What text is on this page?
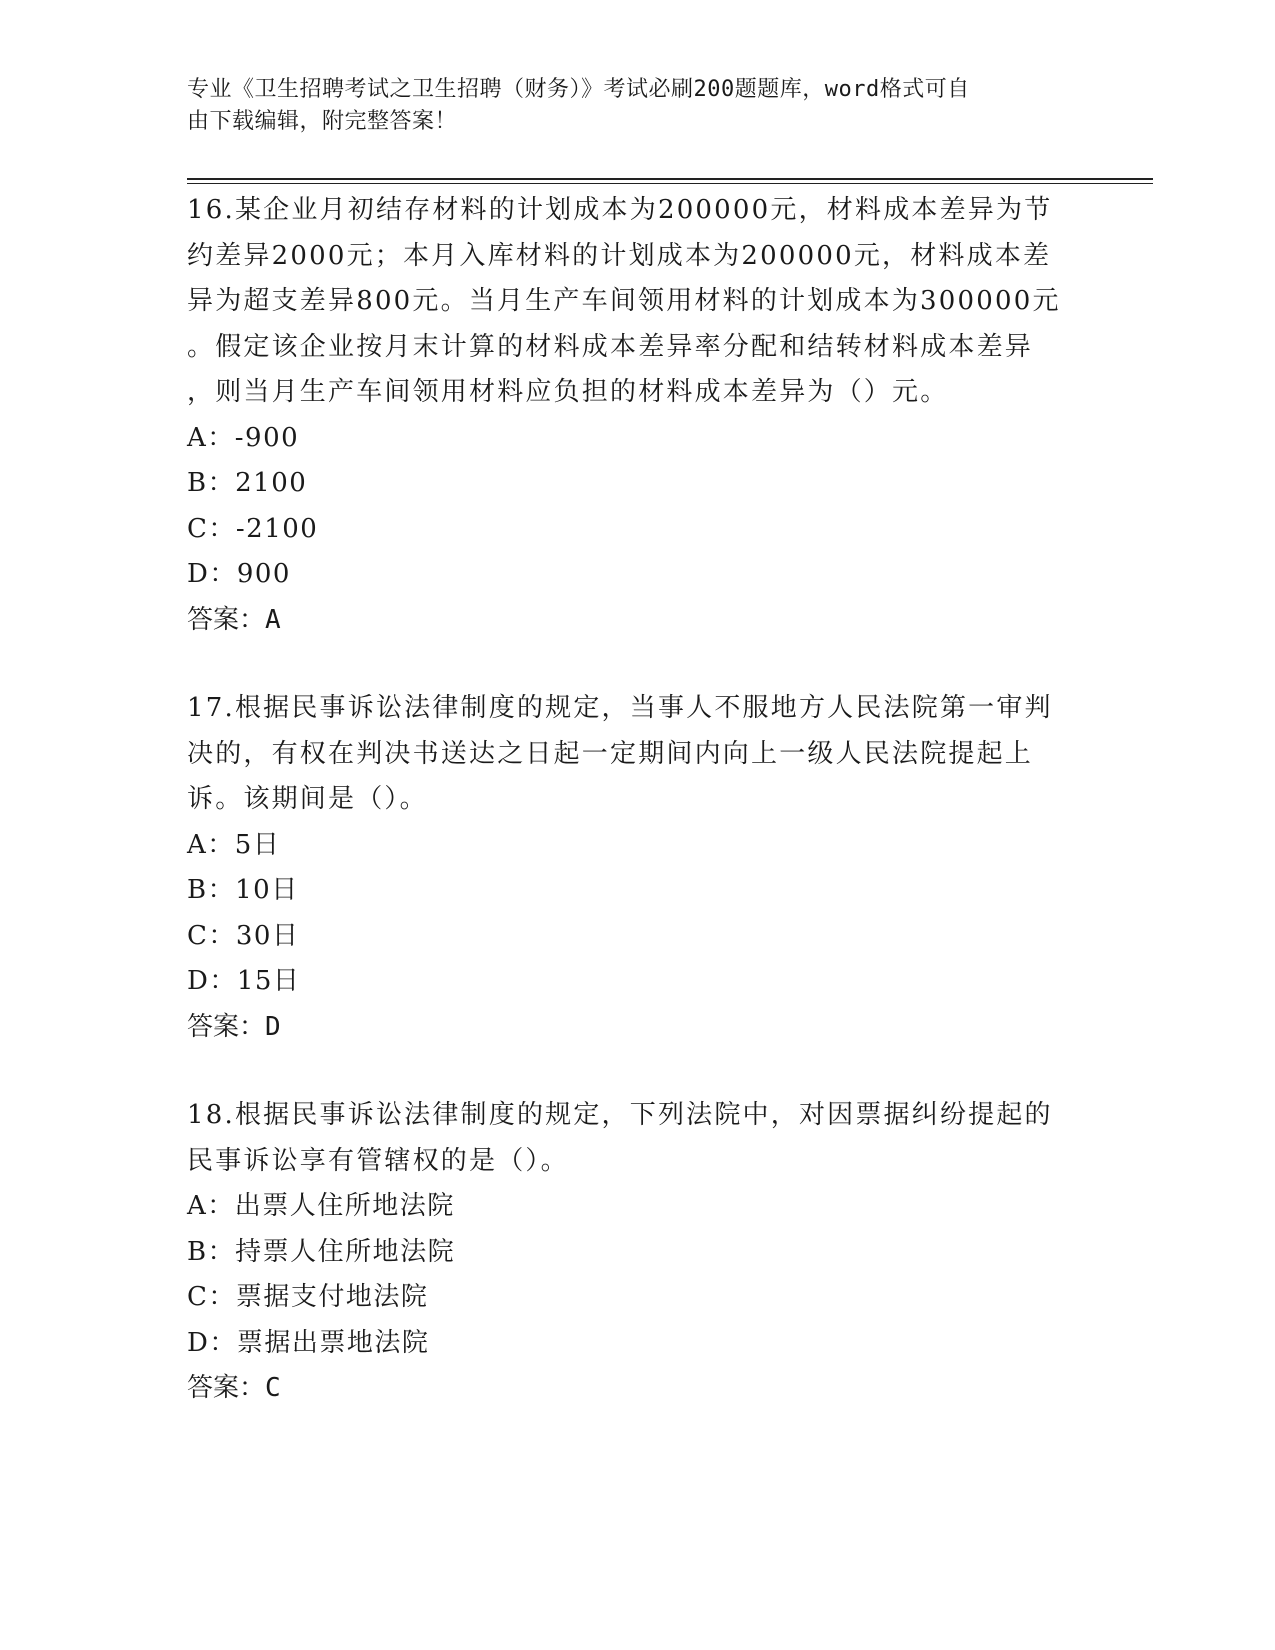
专业《卫生招聘考试之卫生招聘（财务）》考试必刷200题题库，word格式可自
由下载编辑，附完整答案！

16.某企业月初结存材料的计划成本为200000元，材料成本差异为节

约差异2000元；本月入库材料的计划成本为200000元，材料成本差

异为超支差异800元。当月生产车间领用材料的计划成本为300000元

。假定该企业按月末计算的材料成本差异率分配和结转材料成本差异

，则当月生产车间领用材料应负担的材料成本差异为（）元。

A：-900

B：2100

C：-2100

D：900

答案：A

17.根据民事诉讼法律制度的规定，当事人不服地方人民法院第一审判

决的，有权在判决书送达之日起一定期间内向上一级人民法院提起上

诉。该期间是（）。

A：5日

B：10日

C：30日

D：15日

答案：D

18.根据民事诉讼法律制度的规定，下列法院中，对因票据纠纷提起的

民事诉讼享有管辖权的是（）。

A：出票人住所地法院

B：持票人住所地法院

C：票据支付地法院

D：票据出票地法院

答案：C
